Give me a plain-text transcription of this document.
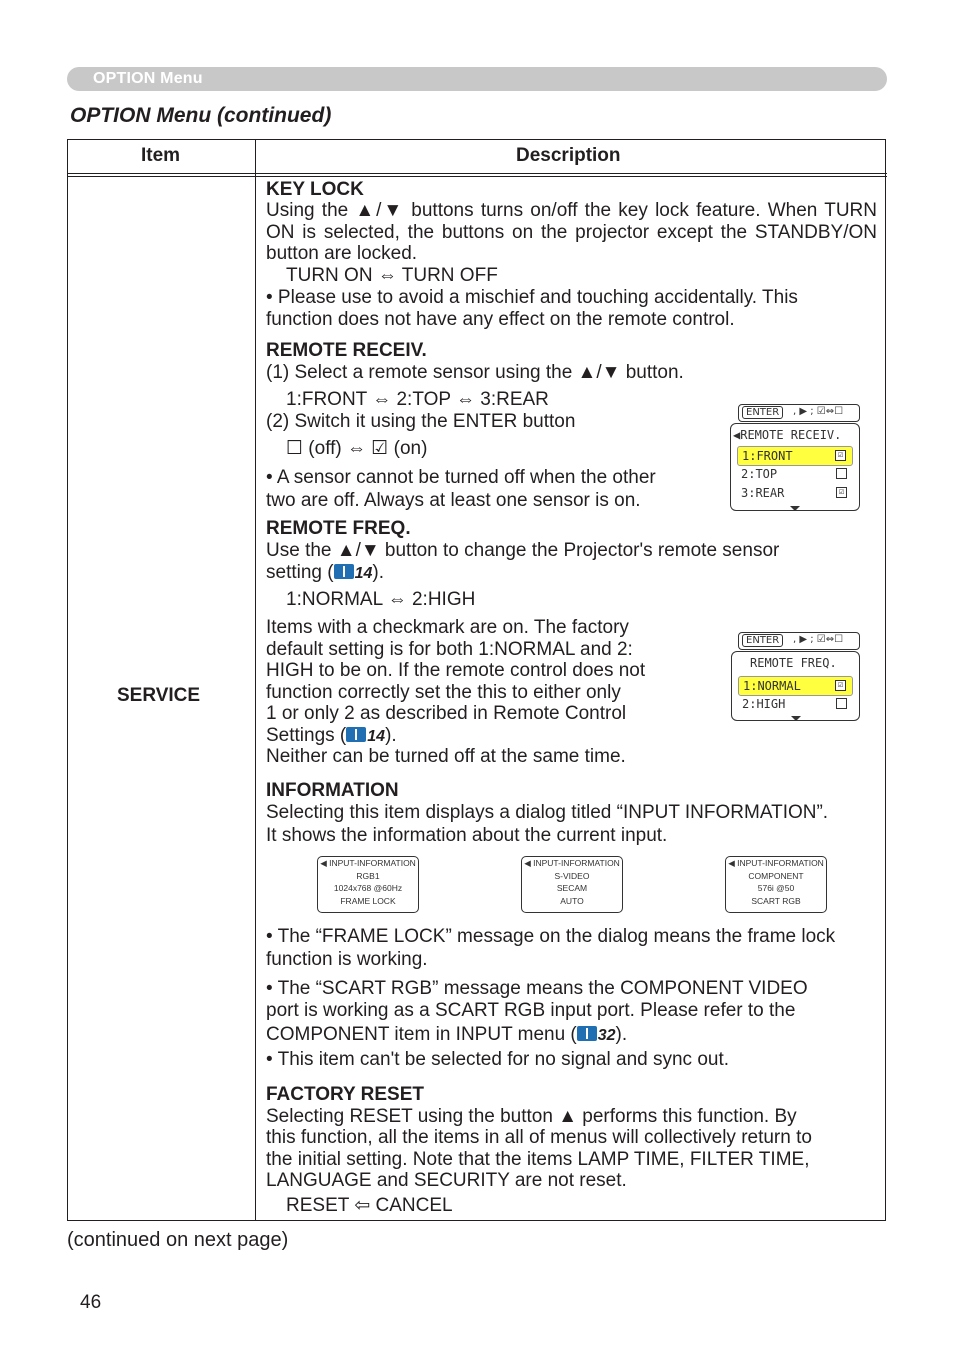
OPTION Menu
OPTION Menu (continued)
Item	Description
SERVICE
KEY LOCK
Using the ▲/▼ buttons turns on/off the key lock feature. When TURN ON is selected, the buttons on the projector except the STANDBY/ON button are locked.
TURN ON ⇔ TURN OFF
• Please use to avoid a mischief and touching accidentally. This
function does not have any effect on the remote control.
REMOTE RECEIV.
(1) Select a remote sensor using the ▲/▼ button.
1:FRONT ⇔ 2:TOP ⇔ 3:REAR
(2) Switch it using the ENTER button
☐ (off) ⇔ ☑ (on)
• A sensor cannot be turned off when the other
two are off. Always at least one sensor is on.
ENTER	, ▶ ; ☑⇔☐
◀REMOTE RECEIV.
1:FRONT	☑
2:TOP
3:REAR	☑
REMOTE FREQ.
Use the ▲/▼ button to change the Projector's remote sensor
setting ( 14).
1:NORMAL ⇔ 2:HIGH
Items with a checkmark are on. The factory
default setting is for both 1:NORMAL and 2:
HIGH to be on. If the remote control does not
function correctly set the this to either only
1 or only 2 as described in Remote Control
Settings ( 14).
Neither can be turned off at the same time.
ENTER	, ▶ ; ☑⇔☐
REMOTE FREQ.
1:NORMAL	☑
2:HIGH
INFORMATION
Selecting this item displays a dialog titled “INPUT INFORMATION”.
It shows the information about the current input.
◀ INPUT-INFORMATION
RGB1
1024x768 @60Hz
FRAME LOCK
◀ INPUT-INFORMATION
S-VIDEO
SECAM
AUTO
◀ INPUT-INFORMATION
COMPONENT
576i @50
SCART RGB
• The “FRAME LOCK” message on the dialog means the frame lock
function is working.
• The “SCART RGB” message means the COMPONENT VIDEO
port is working as a SCART RGB input port. Please refer to the
COMPONENT item in INPUT menu ( 32).
• This item can't be selected for no signal and sync out.
FACTORY RESET
Selecting RESET using the button ▲ performs this function. By
this function, all the items in all of menus will collectively return to
the initial setting. Note that the items LAMP TIME, FILTER TIME,
LANGUAGE and SECURITY are not reset.
RESET ⇦ CANCEL
(continued on next page)
46
